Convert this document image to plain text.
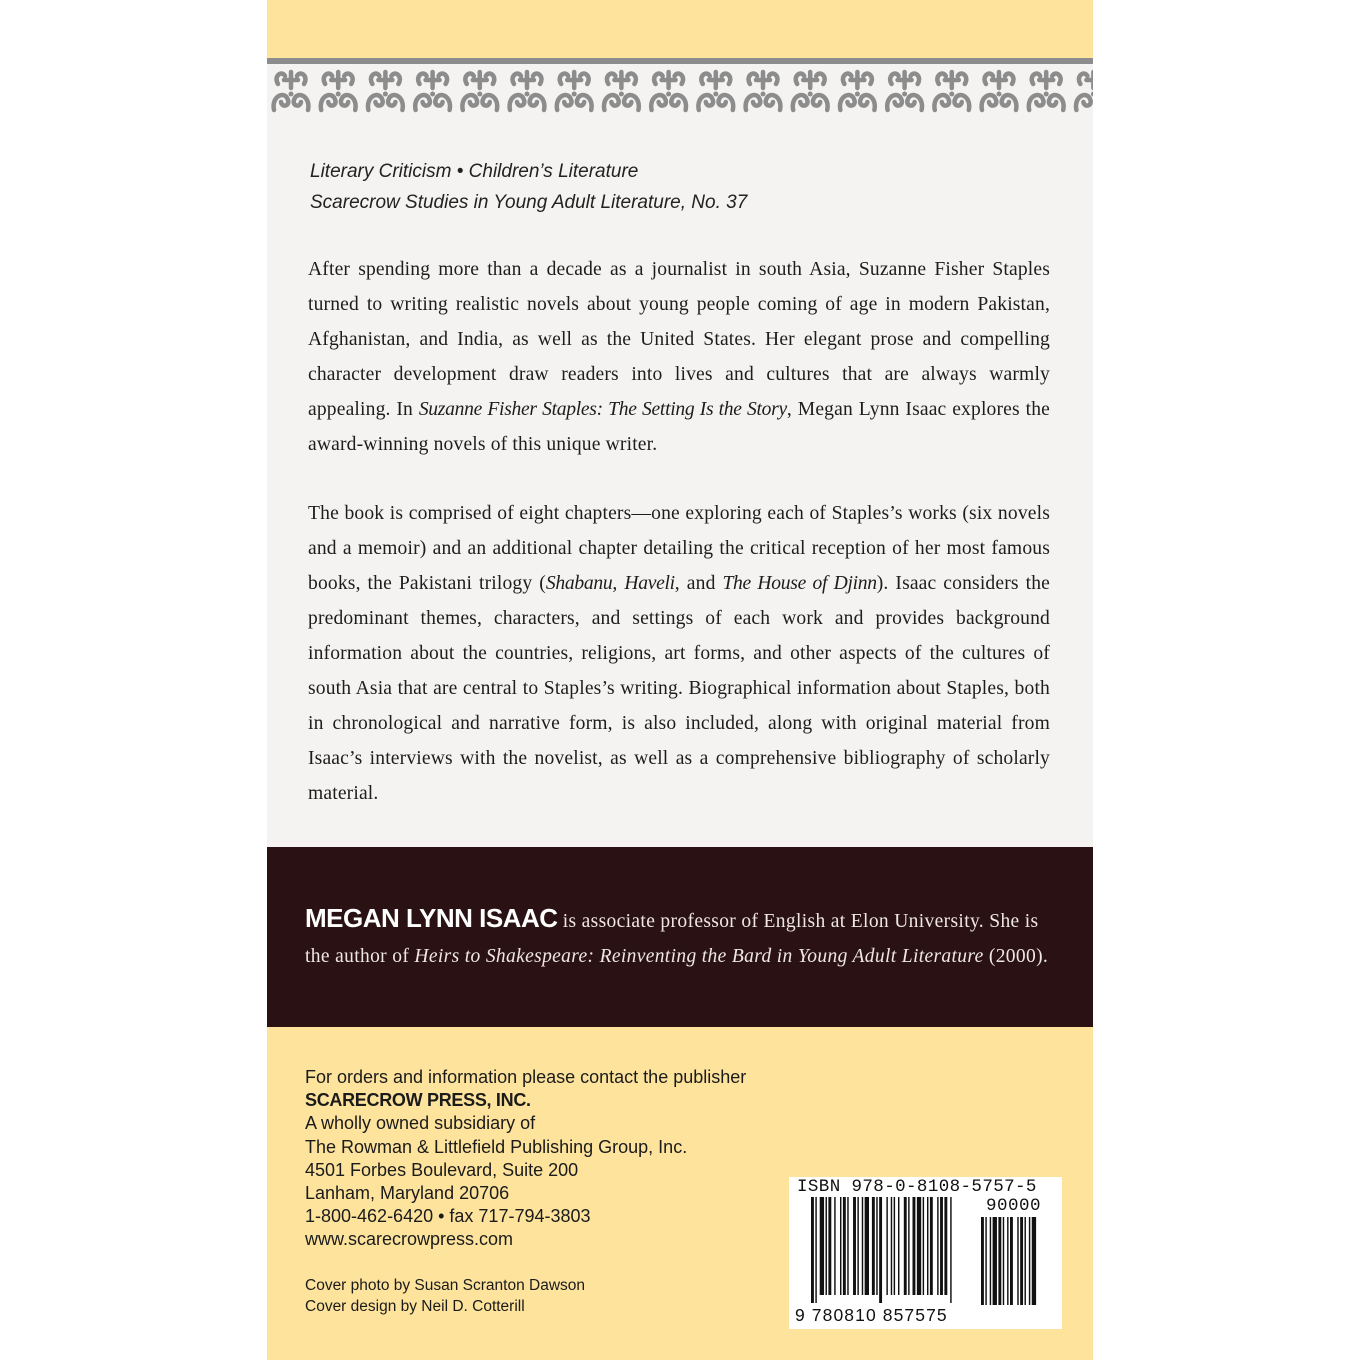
Literary Criticism • Children’s Literature
Scarecrow Studies in Young Adult Literature, No. 37
After spending more than a decade as a journalist in south Asia, Suzanne Fisher Staples turned to writing realistic novels about young people coming of age in modern Pakistan, Afghanistan, and India, as well as the United States. Her elegant prose and compelling character development draw readers into lives and cultures that are always warmly appealing. In Suzanne Fisher Staples: The Setting Is the Story, Megan Lynn Isaac explores the award-winning novels of this unique writer.
The book is comprised of eight chapters—one exploring each of Staples’s works (six novels and a memoir) and an additional chapter detailing the critical reception of her most famous books, the Pakistani trilogy (Shabanu, Haveli, and The House of Djinn). Isaac considers the predominant themes, characters, and settings of each work and provides background information about the countries, religions, art forms, and other aspects of the cultures of south Asia that are central to Staples’s writing. Biographical information about Staples, both in chronological and narrative form, is also included, along with original material from Isaac’s interviews with the novelist, as well as a comprehensive bibliography of scholarly material.
MEGAN LYNN ISAAC is associate professor of English at Elon University. She is the author of Heirs to Shakespeare: Reinventing the Bard in Young Adult Literature (2000).
For orders and information please contact the publisher
SCARECROW PRESS, INC.
A wholly owned subsidiary of
The Rowman & Littlefield Publishing Group, Inc.
4501 Forbes Boulevard, Suite 200
Lanham, Maryland 20706
1-800-462-6420 • fax 717-794-3803
www.scarecrowpress.com
Cover photo by Susan Scranton Dawson
Cover design by Neil D. Cotterill
ISBN 978-0-8108-5757-5
90000
9 780810 857575
